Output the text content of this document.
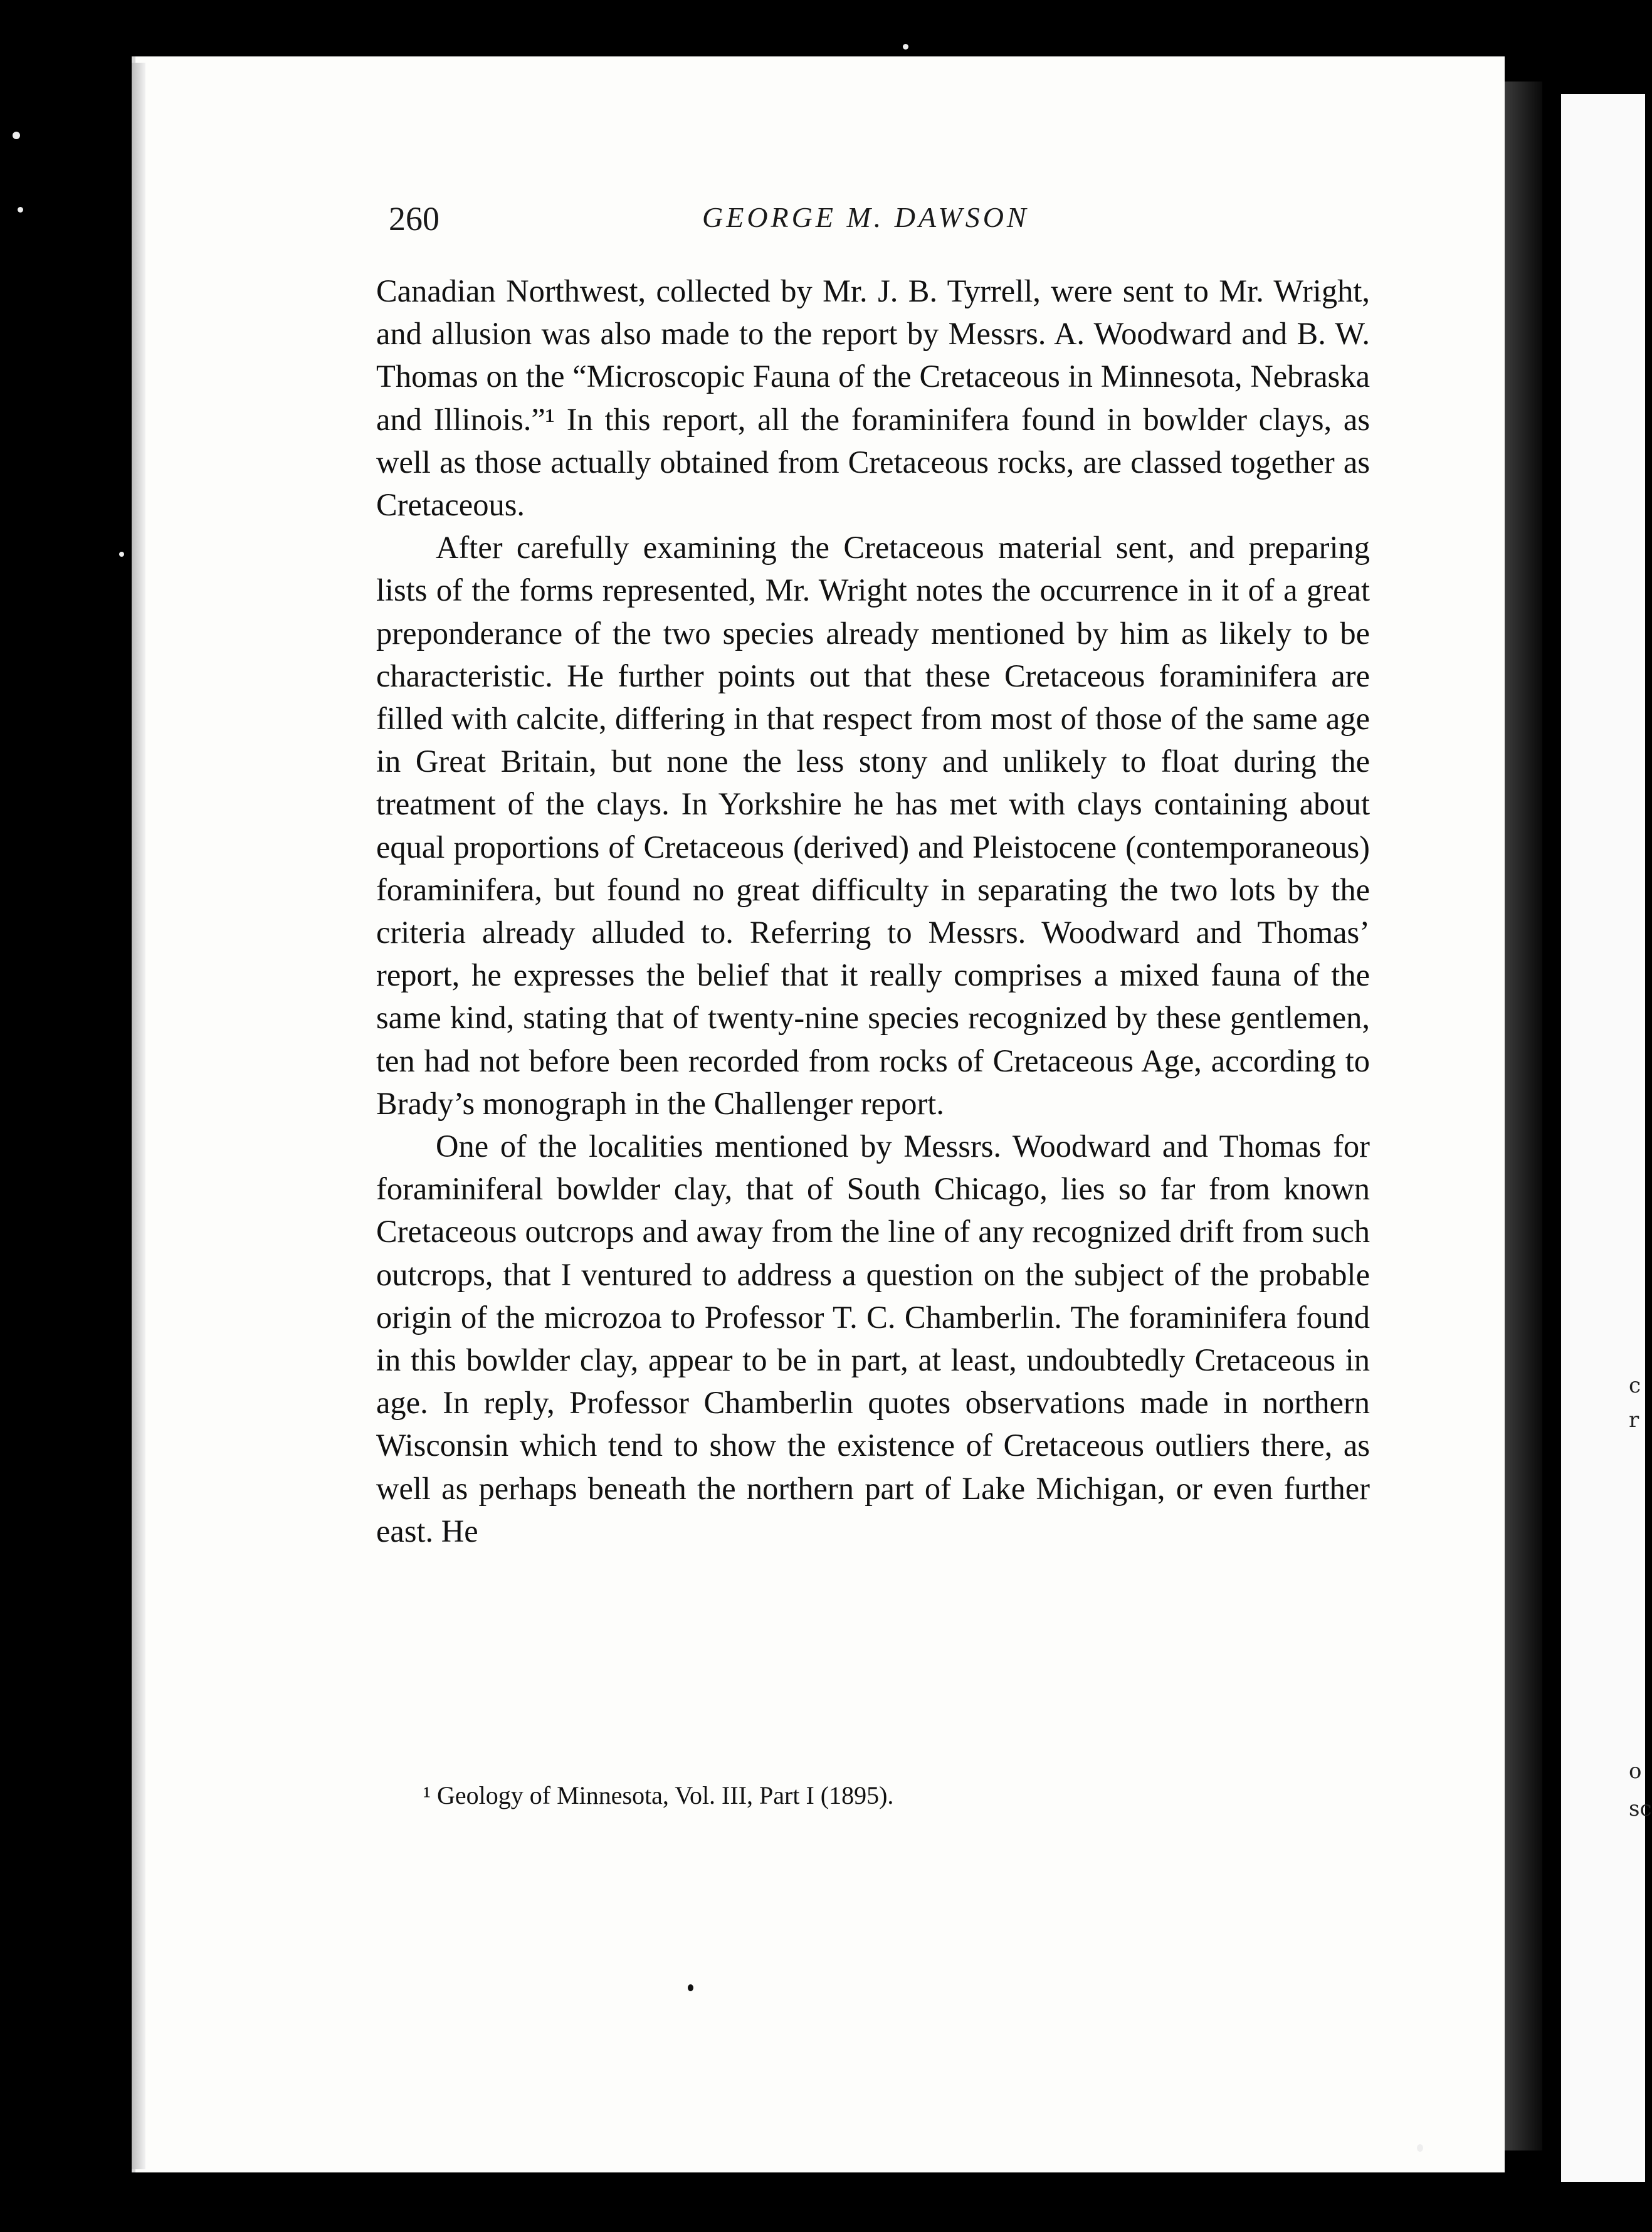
c
r
o
sc
260	GEORGE M. DAWSON

Canadian Northwest, collected by Mr. J. B. Tyrrell, were sent to Mr. Wright, and allusion was also made to the report by Messrs. A. Woodward and B. W. Thomas on the “Microscopic Fauna of the Cretaceous in Minnesota, Nebraska and Illinois.”¹ In this report, all the foraminifera found in bowlder clays, as well as those actually obtained from Cretaceous rocks, are classed together as Cretaceous.

After carefully examining the Cretaceous material sent, and preparing lists of the forms represented, Mr. Wright notes the occurrence in it of a great preponderance of the two species already mentioned by him as likely to be characteristic. He further points out that these Cretaceous foraminifera are filled with calcite, differing in that respect from most of those of the same age in Great Britain, but none the less stony and unlikely to float during the treatment of the clays. In Yorkshire he has met with clays containing about equal proportions of Cretaceous (derived) and Pleistocene (contemporaneous) foraminifera, but found no great difficulty in separating the two lots by the criteria already alluded to. Referring to Messrs. Woodward and Thomas’ report, he expresses the belief that it really comprises a mixed fauna of the same kind, stating that of twenty-nine species recognized by these gentlemen, ten had not before been recorded from rocks of Cretaceous Age, according to Brady’s monograph in the Challenger report.

One of the localities mentioned by Messrs. Woodward and Thomas for foraminiferal bowlder clay, that of South Chicago, lies so far from known Cretaceous outcrops and away from the line of any recognized drift from such outcrops, that I ventured to address a question on the subject of the probable origin of the microzoa to Professor T. C. Chamberlin. The foraminifera found in this bowlder clay, appear to be in part, at least, undoubtedly Cretaceous in age. In reply, Professor Chamberlin quotes observations made in northern Wisconsin which tend to show the existence of Cretaceous outliers there, as well as perhaps beneath the northern part of Lake Michigan, or even further east. He

¹ Geology of Minnesota, Vol. III, Part I (1895).
